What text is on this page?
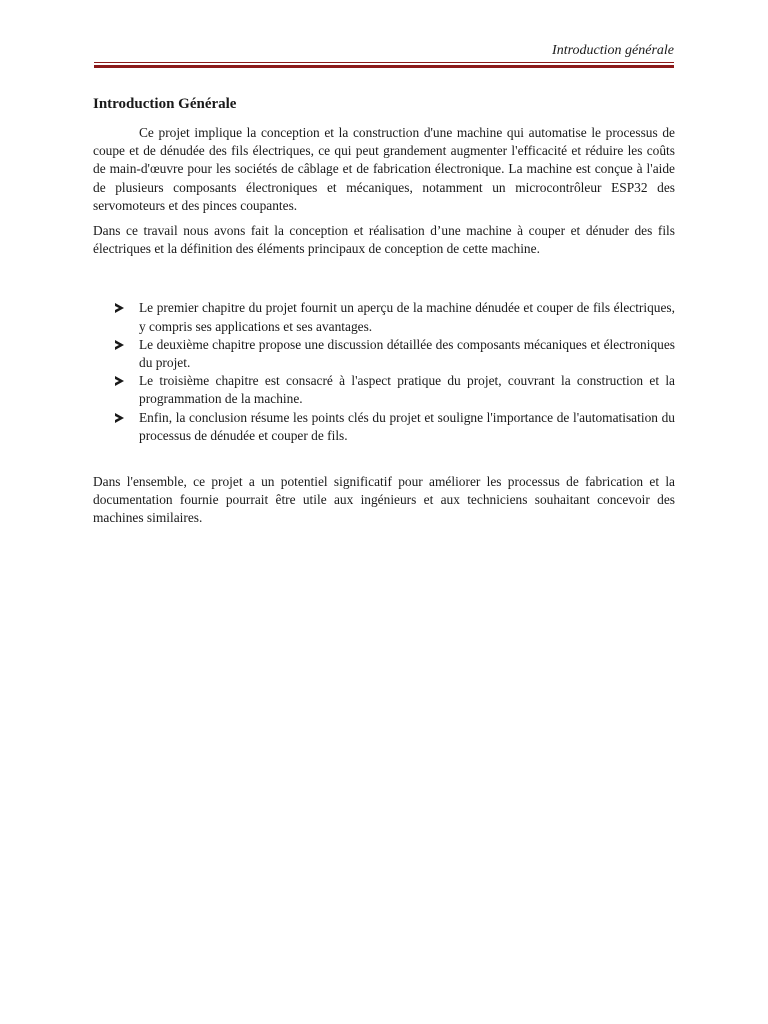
Introduction générale
Introduction Générale

Ce projet implique la conception et la construction d'une machine qui automatise le processus de coupe et de dénudée des fils électriques, ce qui peut grandement augmenter l'efficacité et réduire les coûts de main-d'œuvre pour les sociétés de câblage et de fabrication électronique. La machine est conçue à l'aide de plusieurs composants électroniques et mécaniques, notamment un microcontrôleur ESP32 des servomoteurs et des pinces coupantes.

Dans ce travail nous avons fait la conception et réalisation d’une machine à couper et dénuder des fils électriques et la définition des éléments principaux de conception de cette machine.

Le premier chapitre du projet fournit un aperçu de la machine dénudée et couper de fils électriques, y compris ses applications et ses avantages.
Le deuxième chapitre propose une discussion détaillée des composants mécaniques et électroniques du projet.
Le troisième chapitre est consacré à l'aspect pratique du projet, couvrant la construction et la programmation de la machine.
Enfin, la conclusion résume les points clés du projet et souligne l'importance de l'automatisation du processus de dénudée et couper de fils.

Dans l'ensemble, ce projet a un potentiel significatif pour améliorer les processus de fabrication et la documentation fournie pourrait être utile aux ingénieurs et aux techniciens souhaitant concevoir des machines similaires.
